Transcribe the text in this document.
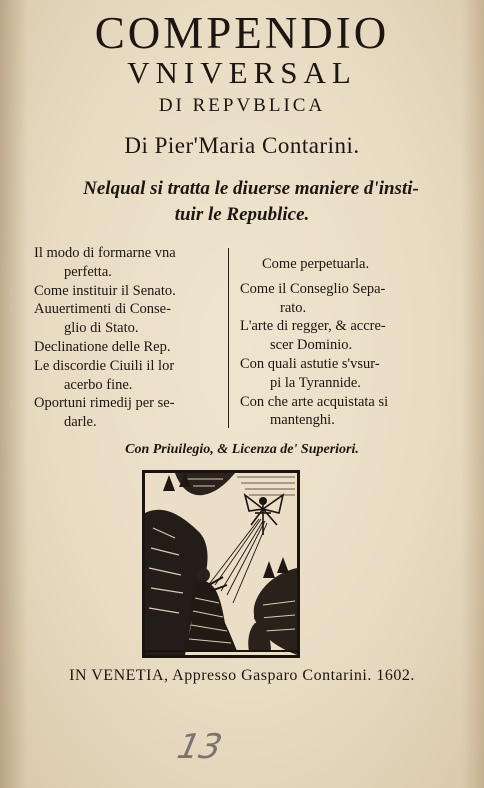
COMPENDIO
VNIVERSAL
DI REPVBLICA
Di Pier'Maria Contarini.
Nelqual si tratta le diuerse maniere d'insti-
tuir le Republice.
Il modo di formarne vna
perfetta.
Come instituir il Senato.
Auuertimenti di Conse-
glio di Stato.
Declinatione delle Rep.
Le discordie Ciuili il lor
acerbo fine.
Oportuni rimedij per se-
darle.
Come perpetuarla.
Come il Conseglio Sepa-
rato.
L'arte di regger, & accre-
scer Dominio.
Con quali astutie s'vsur-
pi la Tyrannide.
Con che arte acquistata si
mantenghi.
Con Priuilegio, & Licenza de' Superiori.
IN VENETIA, Appresso Gasparo Contarini. 1602.
13
